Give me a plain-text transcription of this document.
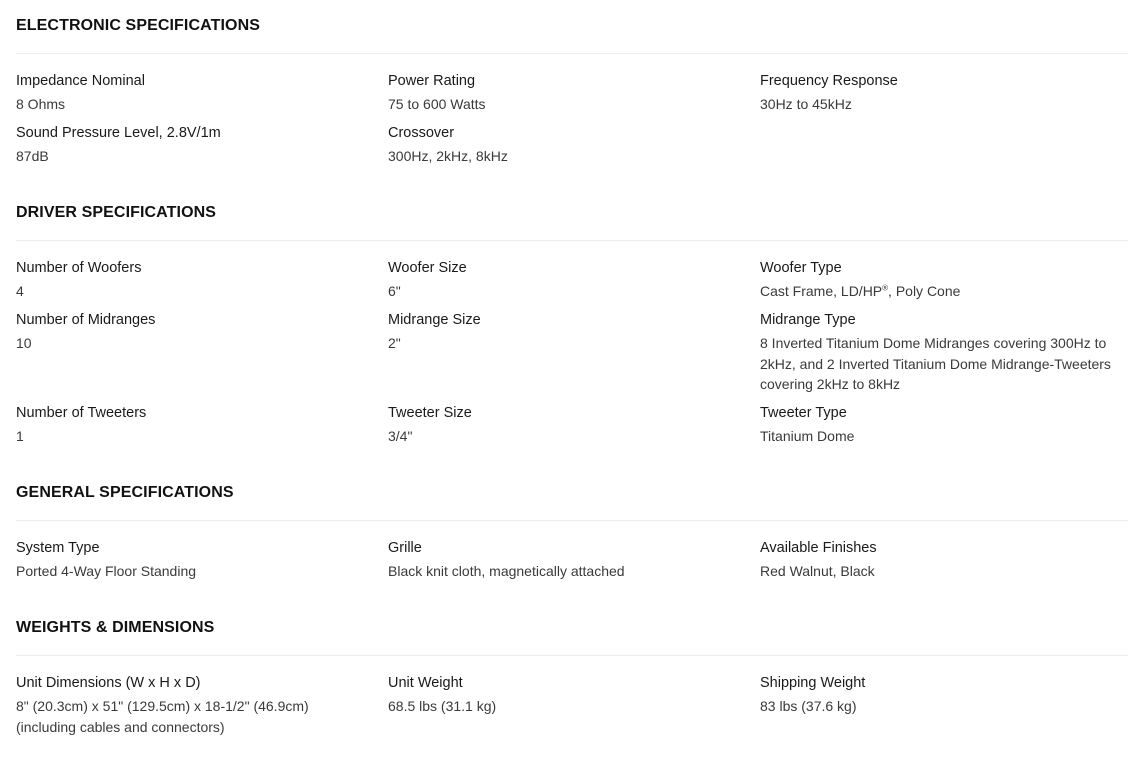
ELECTRONIC SPECIFICATIONS
Impedance Nominal
8 Ohms
Power Rating
75 to 600 Watts
Frequency Response
30Hz to 45kHz
Sound Pressure Level, 2.8V/1m
87dB
Crossover
300Hz, 2kHz, 8kHz
DRIVER SPECIFICATIONS
Number of Woofers
4
Woofer Size
6"
Woofer Type
Cast Frame, LD/HP®, Poly Cone
Number of Midranges
10
Midrange Size
2"
Midrange Type
8 Inverted Titanium Dome Midranges covering 300Hz to 2kHz, and 2 Inverted Titanium Dome Midrange-Tweeters covering 2kHz to 8kHz
Number of Tweeters
1
Tweeter Size
3/4"
Tweeter Type
Titanium Dome
GENERAL SPECIFICATIONS
System Type
Ported 4-Way Floor Standing
Grille
Black knit cloth, magnetically attached
Available Finishes
Red Walnut, Black
WEIGHTS & DIMENSIONS
Unit Dimensions (W x H x D)
8" (20.3cm) x 51" (129.5cm) x 18-1/2" (46.9cm) (including cables and connectors)
Unit Weight
68.5 lbs (31.1 kg)
Shipping Weight
83 lbs (37.6 kg)
